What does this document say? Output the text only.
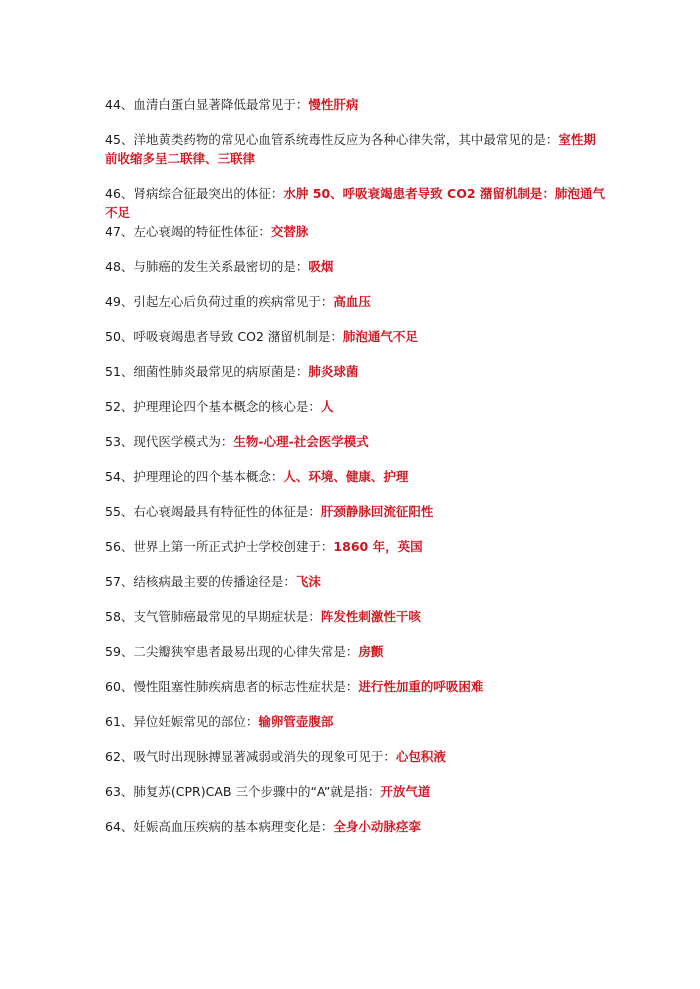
44、血清白蛋白显著降低最常见于：慢性肝病

45、洋地黄类药物的常见心血管系统毒性反应为各种心律失常，其中最常见的是：室性期前收缩多呈二联律、三联律

46、肾病综合征最突出的体征：水肿 50、呼吸衰竭患者导致 CO2 潴留机制是：肺泡通气不足

47、左心衰竭的特征性体征：交替脉

48、与肺癌的发生关系最密切的是：吸烟

49、引起左心后负荷过重的疾病常见于：高血压

50、呼吸衰竭患者导致 CO2 潴留机制是：肺泡通气不足

51、细菌性肺炎最常见的病原菌是：肺炎球菌

52、护理理论四个基本概念的核心是：人

53、现代医学模式为：生物-心理-社会医学模式

54、护理理论的四个基本概念：人、环境、健康、护理

55、右心衰竭最具有特征性的体征是：肝颈静脉回流征阳性

56、世界上第一所正式护士学校创建于：1860 年，英国

57、结核病最主要的传播途径是：飞沫

58、支气管肺癌最常见的早期症状是：阵发性刺激性干咳

59、二尖瓣狭窄患者最易出现的心律失常是：房颤

60、慢性阻塞性肺疾病患者的标志性症状是：进行性加重的呼吸困难

61、异位妊娠常见的部位：输卵管壶腹部

62、吸气时出现脉搏显著减弱或消失的现象可见于：心包积液

63、肺复苏(CPR)CAB 三个步骤中的“A”就是指：开放气道

64、妊娠高血压疾病的基本病理变化是：全身小动脉痉挛
